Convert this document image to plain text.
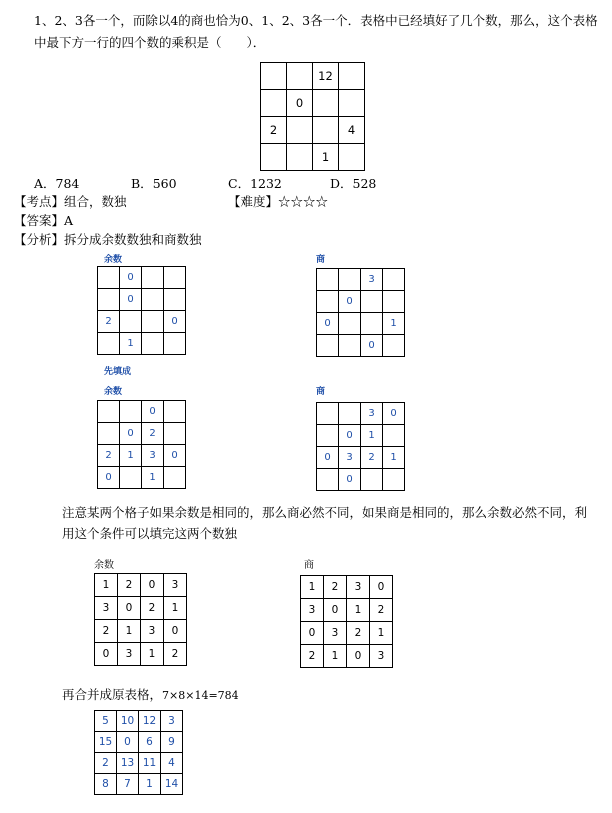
1、2、3各一个，而除以4的商也恰为0、1、2、3各一个．表格中已经填好了几个数，那么，这个表格
中最下方一行的四个数的乘积是（　　）．
		12	
	0		
2			4
		1	
A．784	B．560	C．1232	D．528
【考点】组合，数独	【难度】☆☆☆☆
【答案】A
【分析】拆分成余数数独和商数独
余数	商
	0		
	0		
2			0
	1		
		3	
	0		
0			1
		0	
先填成
余数	商
		0	
	0	2	
2	1	3	0
0		1	
		3	0
	0	1	
0	3	2	1
	0		
注意某两个格子如果余数是相同的，那么商必然不同，如果商是相同的，那么余数必然不同，利
用这个条件可以填完这两个数独
余数	商
1	2	0	3
3	0	2	1
2	1	3	0
0	3	1	2
1	2	3	0
3	0	1	2
0	3	2	1
2	1	0	3
再合并成原表格，7×8×14=784
5	10	12	3
15	0	6	9
2	13	11	4
8	7	1	14
